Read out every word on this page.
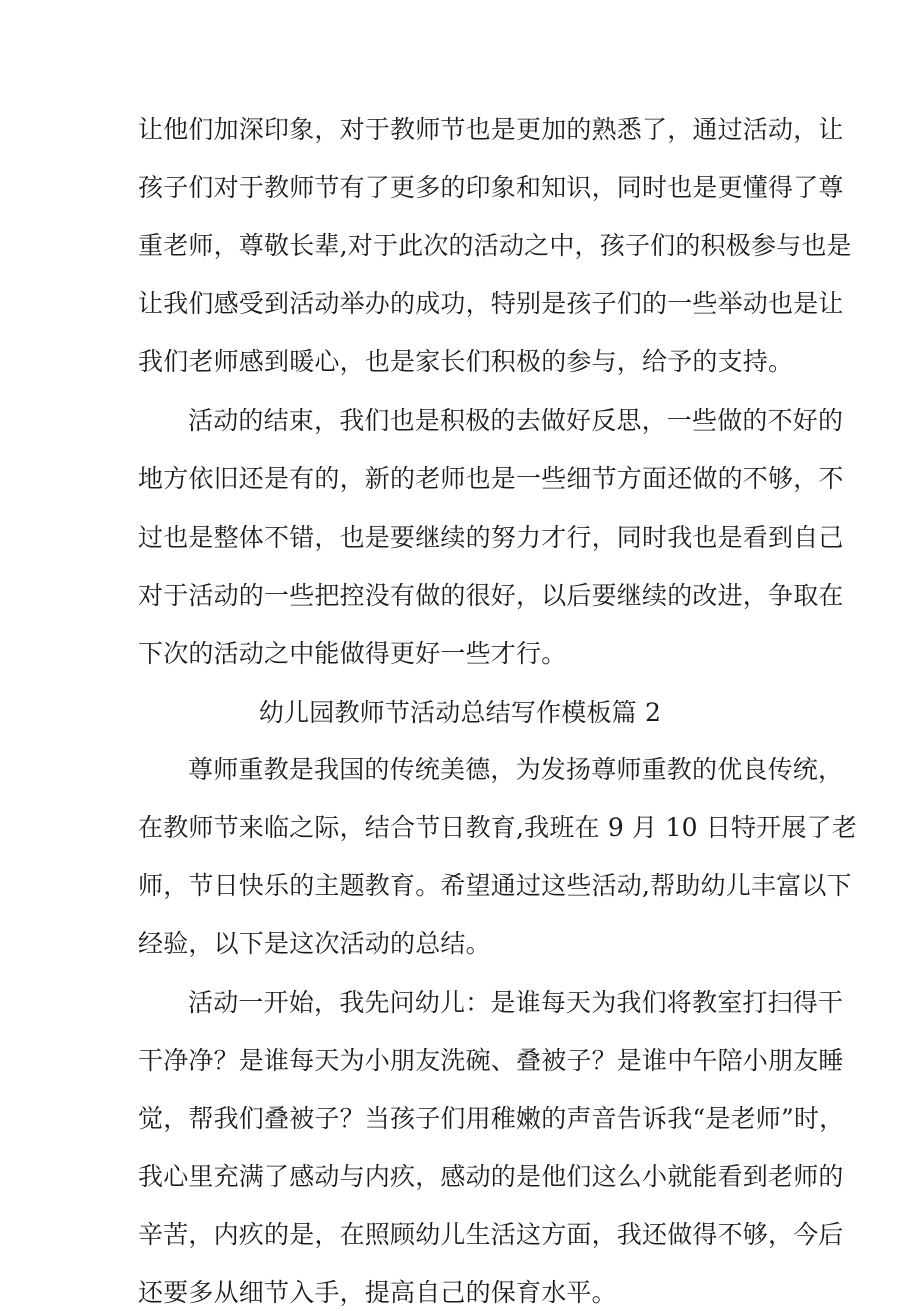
让他们加深印象，对于教师节也是更加的熟悉了，通过活动，让
孩子们对于教师节有了更多的印象和知识，同时也是更懂得了尊
重老师，尊敬长辈,对于此次的活动之中，孩子们的积极参与也是
让我们感受到活动举办的成功，特别是孩子们的一些举动也是让
我们老师感到暖心，也是家长们积极的参与，给予的支持。
活动的结束，我们也是积极的去做好反思，一些做的不好的
地方依旧还是有的，新的老师也是一些细节方面还做的不够，不
过也是整体不错，也是要继续的努力才行，同时我也是看到自己
对于活动的一些把控没有做的很好，以后要继续的改进，争取在
下次的活动之中能做得更好一些才行。
幼儿园教师节活动总结写作模板篇 2
尊师重教是我国的传统美德，为发扬尊师重教的优良传统，
在教师节来临之际，结合节日教育,我班在 9 月 10 日特开展了老
师，节日快乐的主题教育。希望通过这些活动,帮助幼儿丰富以下
经验，以下是这次活动的总结。
活动一开始，我先问幼儿：是谁每天为我们将教室打扫得干
干净净？是谁每天为小朋友洗碗、叠被子？是谁中午陪小朋友睡
觉，帮我们叠被子？当孩子们用稚嫩的声音告诉我“是老师”时，
我心里充满了感动与内疚，感动的是他们这么小就能看到老师的
辛苦，内疚的是，在照顾幼儿生活这方面，我还做得不够，今后
还要多从细节入手，提高自己的保育水平。
